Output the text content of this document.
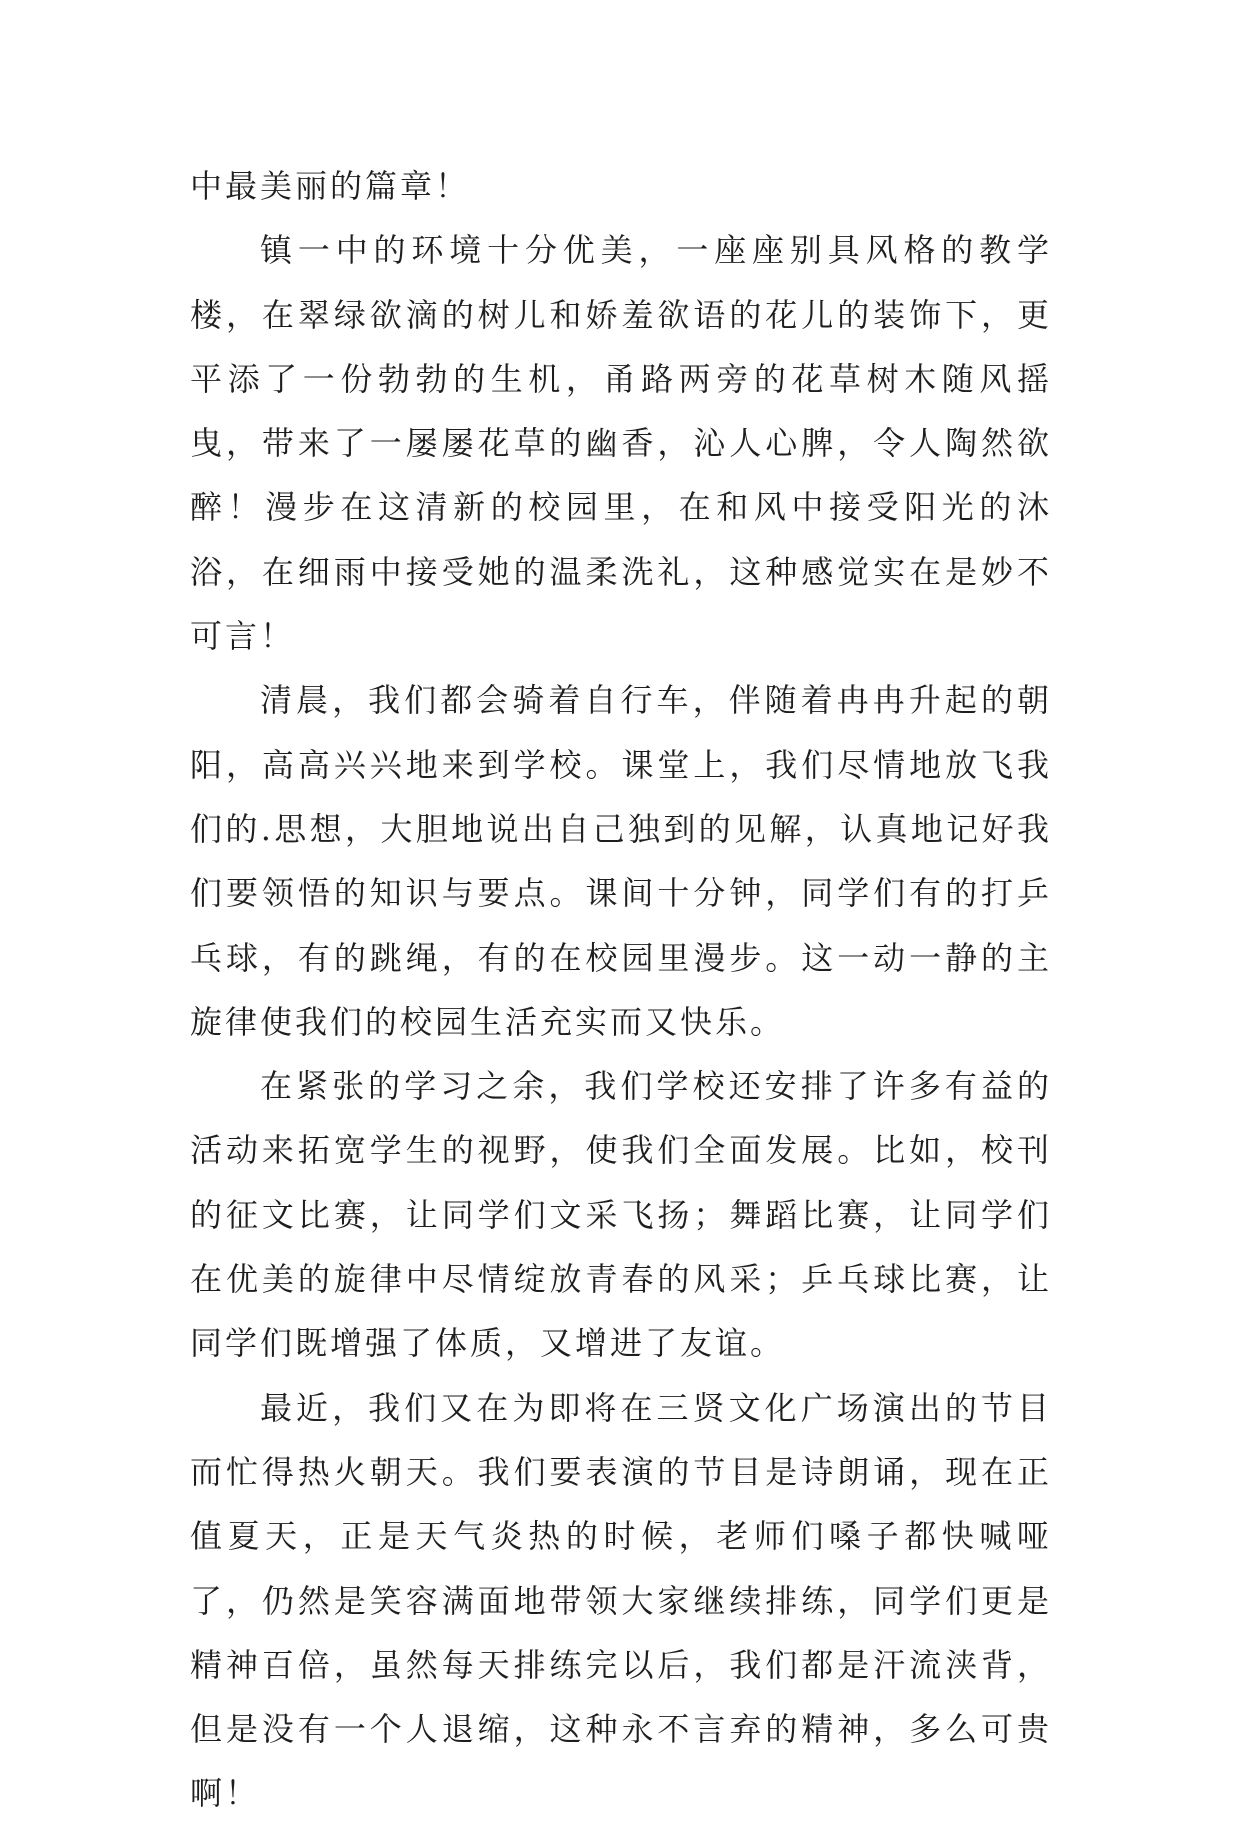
中最美丽的篇章！

镇一中的环境十分优美，一座座别具风格的教学楼，在翠绿欲滴的树儿和娇羞欲语的花儿的装饰下，更平添了一份勃勃的生机，甬路两旁的花草树木随风摇曳，带来了一屡屡花草的幽香，沁人心脾，令人陶然欲醉！漫步在这清新的校园里，在和风中接受阳光的沐浴，在细雨中接受她的温柔洗礼，这种感觉实在是妙不可言！

清晨，我们都会骑着自行车，伴随着冉冉升起的朝阳，高高兴兴地来到学校。课堂上，我们尽情地放飞我们的.思想，大胆地说出自己独到的见解，认真地记好我们要领悟的知识与要点。课间十分钟，同学们有的打乒乓球，有的跳绳，有的在校园里漫步。这一动一静的主旋律使我们的校园生活充实而又快乐。

在紧张的学习之余，我们学校还安排了许多有益的活动来拓宽学生的视野，使我们全面发展。比如，校刊的征文比赛，让同学们文采飞扬；舞蹈比赛，让同学们在优美的旋律中尽情绽放青春的风采；乒乓球比赛，让同学们既增强了体质，又增进了友谊。

最近，我们又在为即将在三贤文化广场演出的节目而忙得热火朝天。我们要表演的节目是诗朗诵，现在正值夏天，正是天气炎热的时候，老师们嗓子都快喊哑了，仍然是笑容满面地带领大家继续排练，同学们更是精神百倍，虽然每天排练完以后，我们都是汗流浃背，但是没有一个人退缩，这种永不言弃的精神，多么可贵啊！
